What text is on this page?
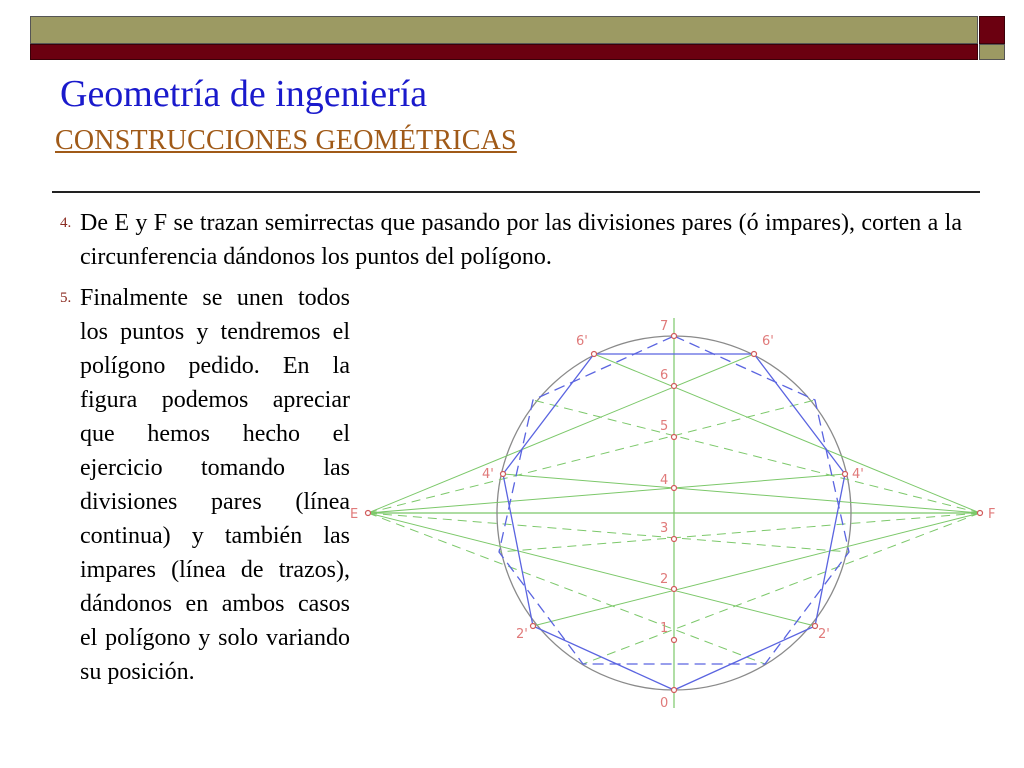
Geometría de ingeniería
CONSTRUCCIONES GEOMÉTRICAS
4. De E y F se trazan semirrectas que pasando por las divisiones pares (ó impares), corten a la circunferencia dándonos los puntos del polígono.
5. Finalmente se unen todos los puntos y tendremos el polígono pedido. En la figura podemos apreciar que hemos hecho el ejercicio tomando las divisiones pares (línea continua) y también las impares (línea de trazos), dándonos en ambos casos el polígono y solo variando su posición.
E	F
0
1
2
3
4
5
6
7
6'	6'
4'	4'
2'	2'
